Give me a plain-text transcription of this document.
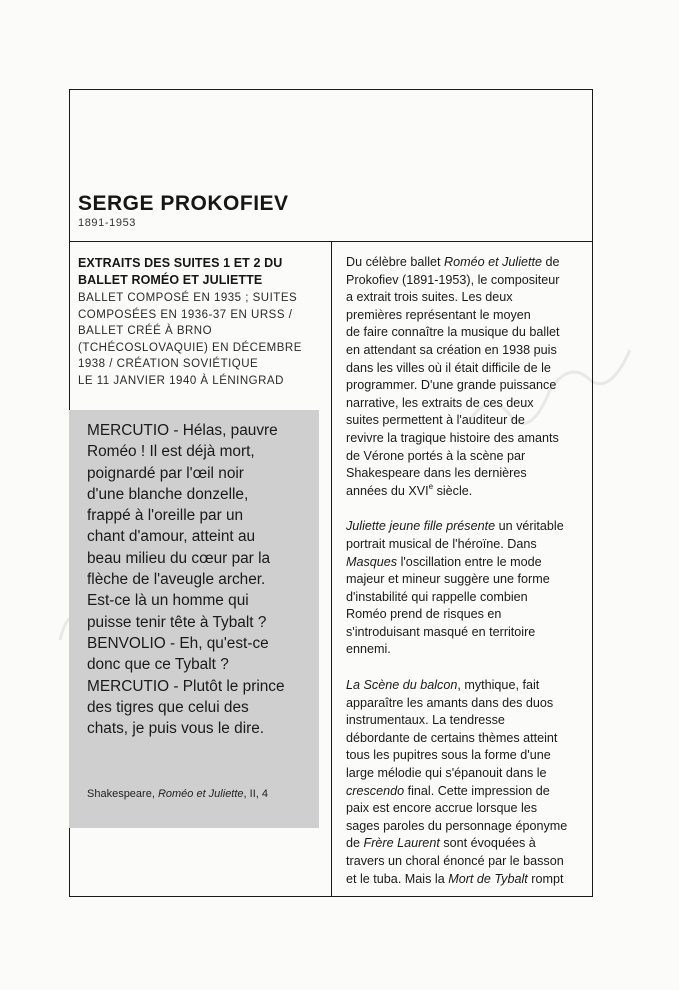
SERGE PROKOFIEV
1891-1953
EXTRAITS DES SUITES 1 ET 2 DU BALLET ROMÉO ET JULIETTE
BALLET COMPOSÉ EN 1935 ; SUITES
COMPOSÉES EN 1936-37 EN URSS /
BALLET CRÉÉ À BRNO
(TCHÉCOSLOVAQUIE) EN DÉCEMBRE
1938 / CRÉATION SOVIÉTIQUE
LE 11 JANVIER 1940 À LÉNINGRAD
MERCUTIO - Hélas, pauvre
Roméo ! Il est déjà mort,
poignardé par l'œil noir
d'une blanche donzelle,
frappé à l'oreille par un
chant d'amour, atteint au
beau milieu du cœur par la
flèche de l'aveugle archer.
Est-ce là un homme qui
puisse tenir tête à Tybalt ?
BENVOLIO - Eh, qu'est-ce
donc que ce Tybalt ?
MERCUTIO - Plutôt le prince
des tigres que celui des
chats, je puis vous le dire.
Shakespeare, Roméo et Juliette, II, 4
Du célèbre ballet Roméo et Juliette de
Prokofiev (1891-1953), le compositeur
a extrait trois suites. Les deux
premières représentant le moyen
de faire connaître la musique du ballet
en attendant sa création en 1938 puis
dans les villes où il était difficile de le
programmer. D'une grande puissance
narrative, les extraits de ces deux
suites permettent à l'auditeur de
revivre la tragique histoire des amants
de Vérone portés à la scène par
Shakespeare dans les dernières
années du XVIe siècle.
Juliette jeune fille présente un véritable
portrait musical de l'héroïne. Dans
Masques l'oscillation entre le mode
majeur et mineur suggère une forme
d'instabilité qui rappelle combien
Roméo prend de risques en
s'introduisant masqué en territoire
ennemi.
La Scène du balcon, mythique, fait
apparaître les amants dans des duos
instrumentaux. La tendresse
débordante de certains thèmes atteint
tous les pupitres sous la forme d'une
large mélodie qui s'épanouit dans le
crescendo final. Cette impression de
paix est encore accrue lorsque les
sages paroles du personnage éponyme
de Frère Laurent sont évoquées à
travers un choral énoncé par le basson
et le tuba. Mais la Mort de Tybalt rompt
